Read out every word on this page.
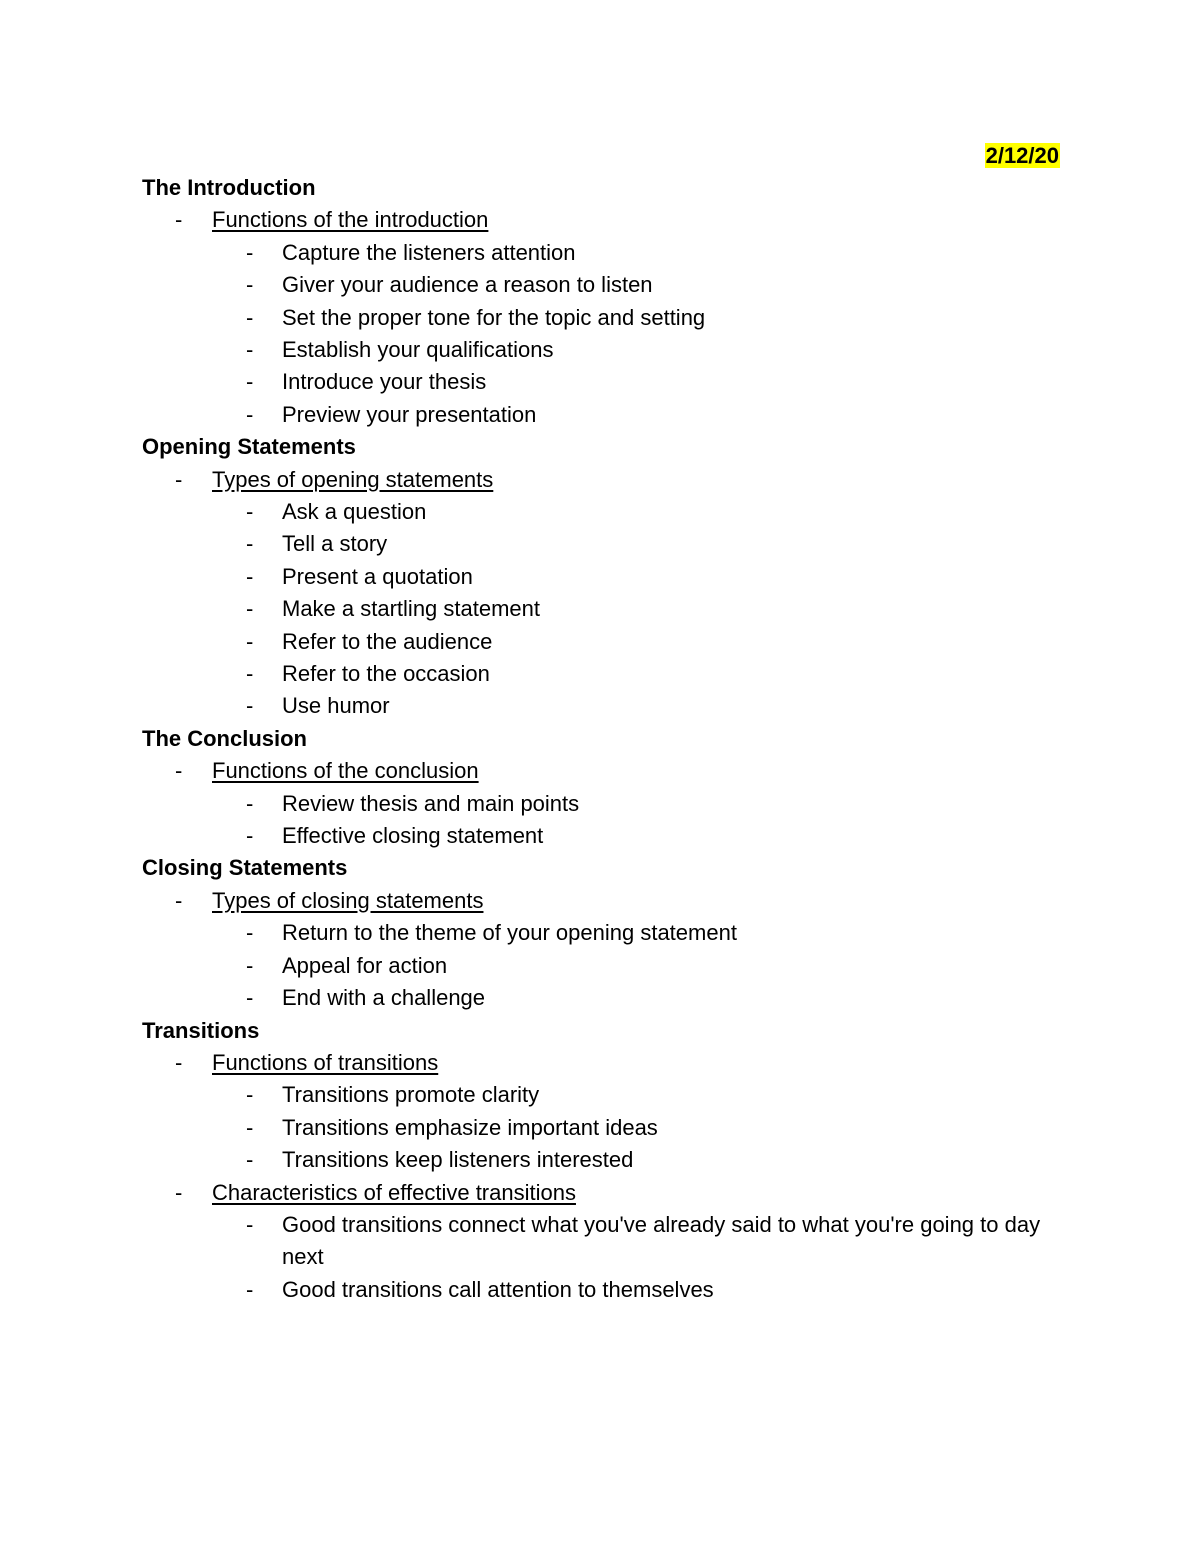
2/12/20
The Introduction
- Functions of the introduction
- Capture the listeners attention
- Giver your audience a reason to listen
- Set the proper tone for the topic and setting
- Establish your qualifications
- Introduce your thesis
- Preview your presentation
Opening Statements
- Types of opening statements
- Ask a question
- Tell a story
- Present a quotation
- Make a startling statement
- Refer to the audience
- Refer to the occasion
- Use humor
The Conclusion
- Functions of the conclusion
- Review thesis and main points
- Effective closing statement
Closing Statements
- Types of closing statements
- Return to the theme of your opening statement
- Appeal for action
- End with a challenge
Transitions
- Functions of transitions
- Transitions promote clarity
- Transitions emphasize important ideas
- Transitions keep listeners interested
- Characteristics of effective transitions
- Good transitions connect what you've already said to what you're going to day next
- Good transitions call attention to themselves
